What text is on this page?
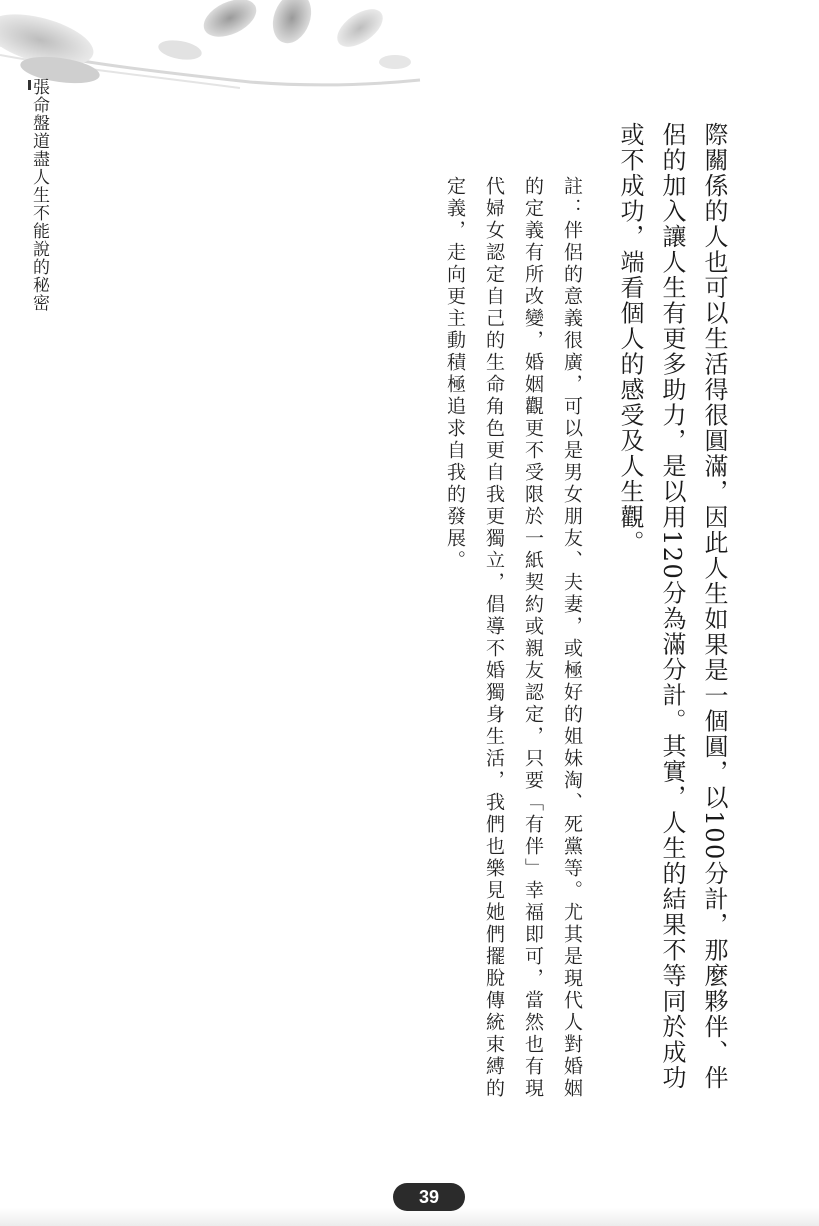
張命盤道盡人生不能說的秘密	際關係的人也可以生活得很圓滿，因此人生如果是一個圓，以100分計，那麼夥伴、伴侶的加入讓人生有更多助力，是以用120分為滿分計。其實，人生的結果不等同於成功或不成功，端看個人的感受及人生觀。

註：伴侶的意義很廣，可以是男女朋友、夫妻，或極好的姐妹淘、死黨等。尤其是現代人對婚姻的定義有所改變，婚姻觀更不受限於一紙契約或親友認定，只要「有伴」幸福即可，當然也有現代婦女認定自己的生命角色更自我更獨立，倡導不婚獨身生活，我們也樂見她們擺脫傳統束縛的定義，走向更主動積極追求自我的發展。

39
